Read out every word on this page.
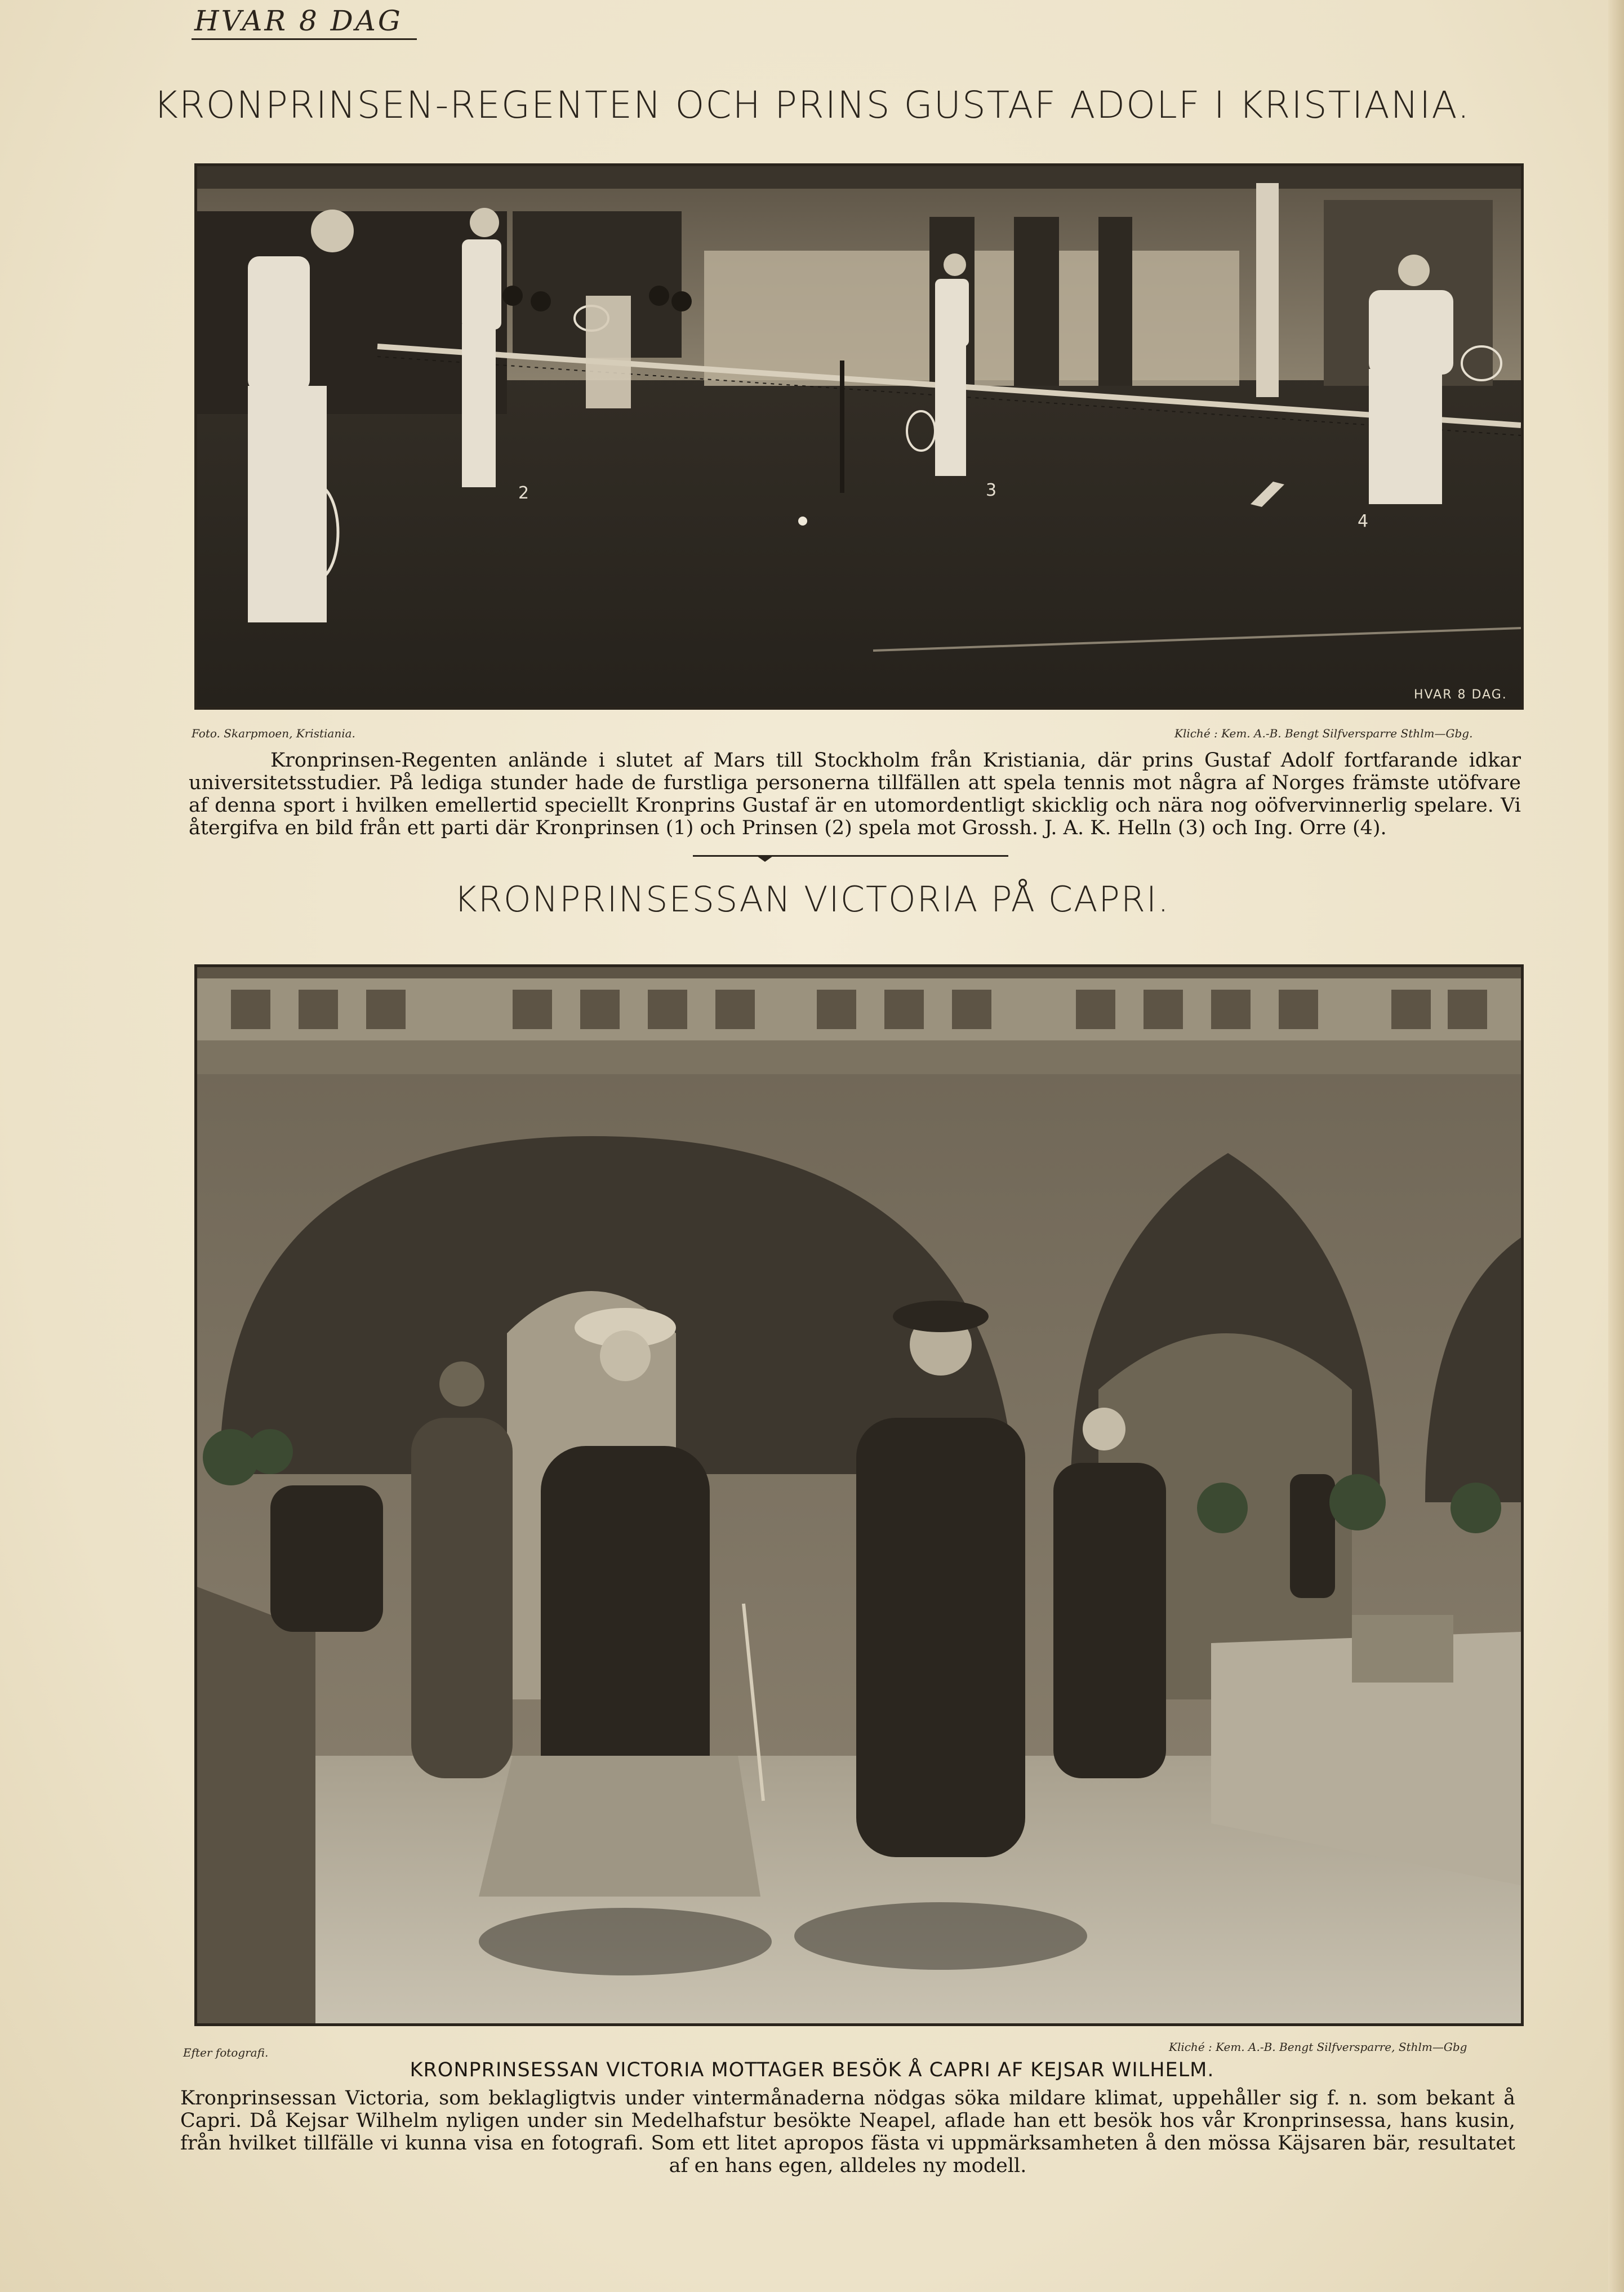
HVAR 8 DAG
KRONPRINSEN-REGENTEN OCH PRINS GUSTAF ADOLF I KRISTIANIA.
2	3
4
HVAR 8 DAG.
Foto. Skarpmoen, Kristiania.	Kliché : Kem. A.-B. Bengt Silfversparre Sthlm—Gbg.
Kronprinsen-Regenten anlände i slutet af Mars till Stockholm från Kristiania, där prins Gustaf Adolf fortfarande idkar universitetsstudier. På lediga stunder hade de furstliga personerna tillfällen att spela tennis mot några af Norges främste utöfvare af denna sport i hvilken emellertid speciellt Kronprins Gustaf är en utomordentligt skicklig och nära nog oöfvervinnerlig spelare. Vi återgifva en bild från ett parti där Kronprinsen (1) och Prinsen (2) spela mot Grossh. J. A. K. Helln (3) och Ing. Orre (4).
KRONPRINSESSAN VICTORIA PÅ CAPRI.
Efter fotografi.	Kliché : Kem. A.-B. Bengt Silfversparre, Sthlm—Gbg
KRONPRINSESSAN VICTORIA MOTTAGER BESÖK Å CAPRI AF KEJSAR WILHELM.
Kronprinsessan Victoria, som beklagligtvis under vintermånaderna nödgas söka mildare klimat, uppehåller sig f. n. som bekant å Capri. Då Kejsar Wilhelm nyligen under sin Medelhafstur besökte Neapel, aflade han ett besök hos vår Kronprinsessa, hans kusin, från hvilket tillfälle vi kunna visa en fotografi. Som ett litet apropos fästa vi uppmärksamheten å den mössa Käjsaren bär, resultatet af en hans egen, alldeles ny modell.
